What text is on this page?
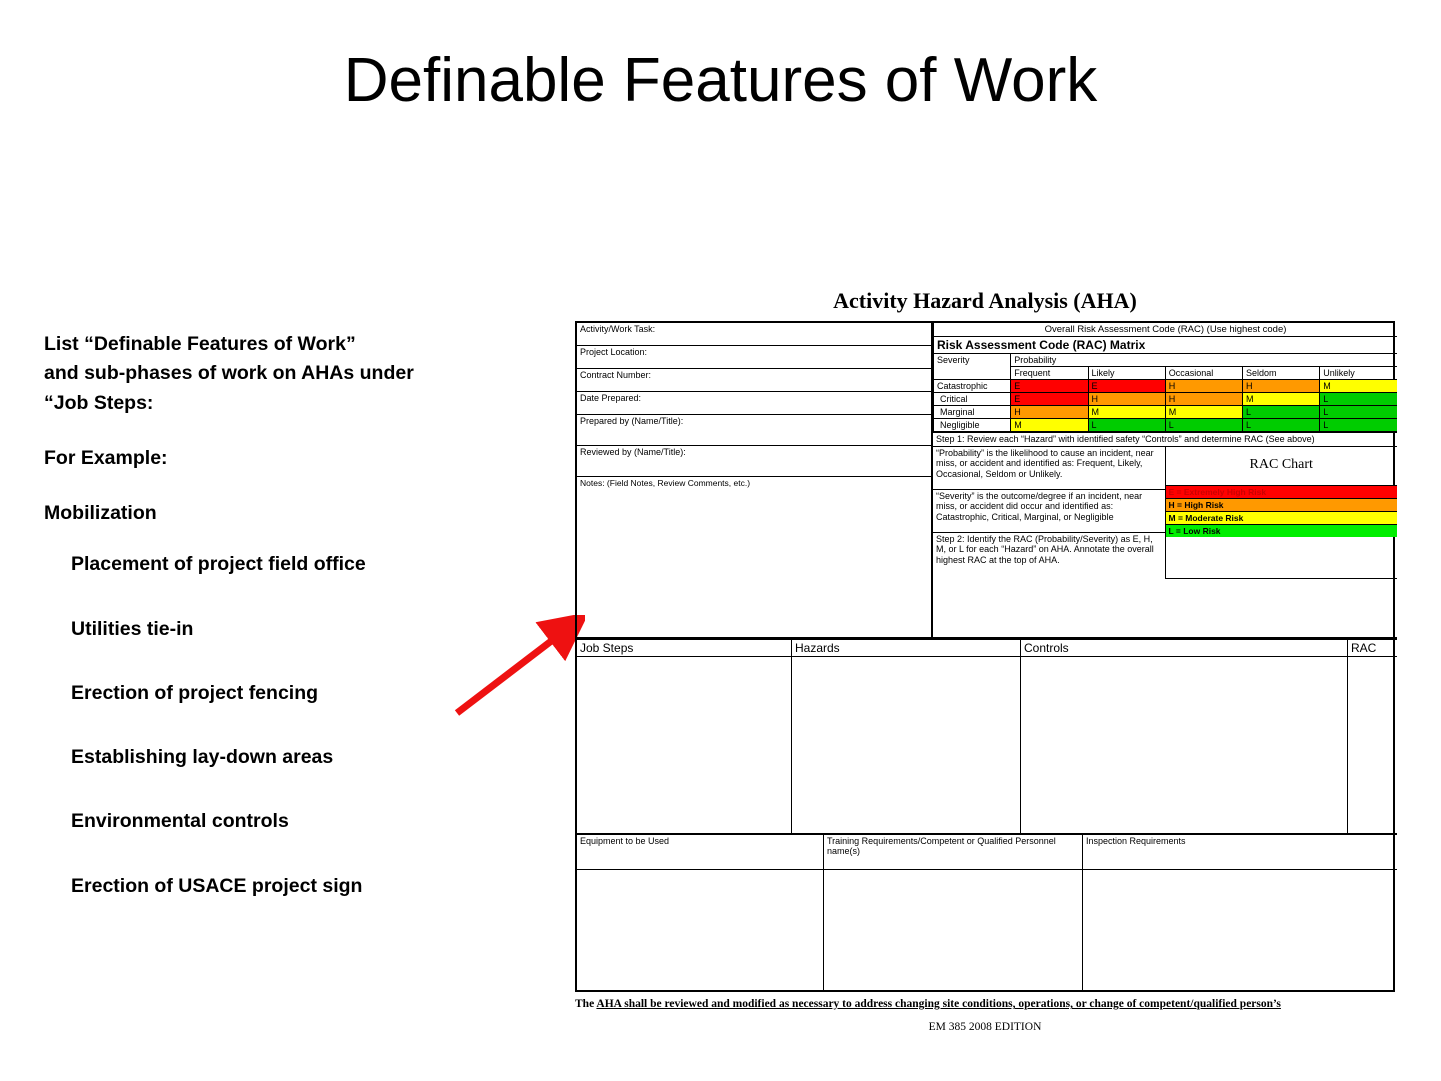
Definable Features of Work
List “Definable Features of Work”
and sub-phases of work on AHAs under
“Job Steps:
For Example:
Mobilization
Placement of project field office
Utilities tie-in
Erection of project fencing
Establishing lay-down areas
Environmental controls
Erection of USACE project sign
Activity Hazard Analysis (AHA)
Activity/Work Task:
Project Location:
Contract Number:
Date Prepared:
Prepared by (Name/Title):
Reviewed by (Name/Title):
Notes: (Field Notes, Review Comments, etc.)

Overall Risk Assessment Code (RAC) (Use highest code)
Risk Assessment Code (RAC) Matrix
Severity	Probability
Frequent	Likely	Occasional	Seldom	Unlikely
Catastrophic	E	E	H	H	M
Critical	E	H	H	M	L
Marginal	H	M	M	L	L
Negligible	M	L	L	L	L
Step 1: Review each “Hazard” with identified safety “Controls” and determine RAC (See above)
“Probability” is the likelihood to cause an incident, near miss, or accident and identified as: Frequent, Likely, Occasional, Seldom or Unlikely.	
RAC Chart
E = Extremely High Risk
H = High Risk
M = Moderate Risk
L = Low Risk

“Severity” is the outcome/degree if an incident, near miss, or accident did occur and identified as: Catastrophic, Critical, Marginal, or Negligible
Step 2: Identify the RAC (Probability/Severity) as E, H, M, or L for each “Hazard” on AHA. Annotate the overall highest RAC at the top of AHA.
Job Steps	Hazards	Controls	RAC

Equipment to be Used	Training Requirements/Competent or Qualified Personnel name(s)	Inspection Requirements

The AHA shall be reviewed and modified as necessary to address changing site conditions, operations, or change of competent/qualified person’s
EM 385 2008 EDITION
